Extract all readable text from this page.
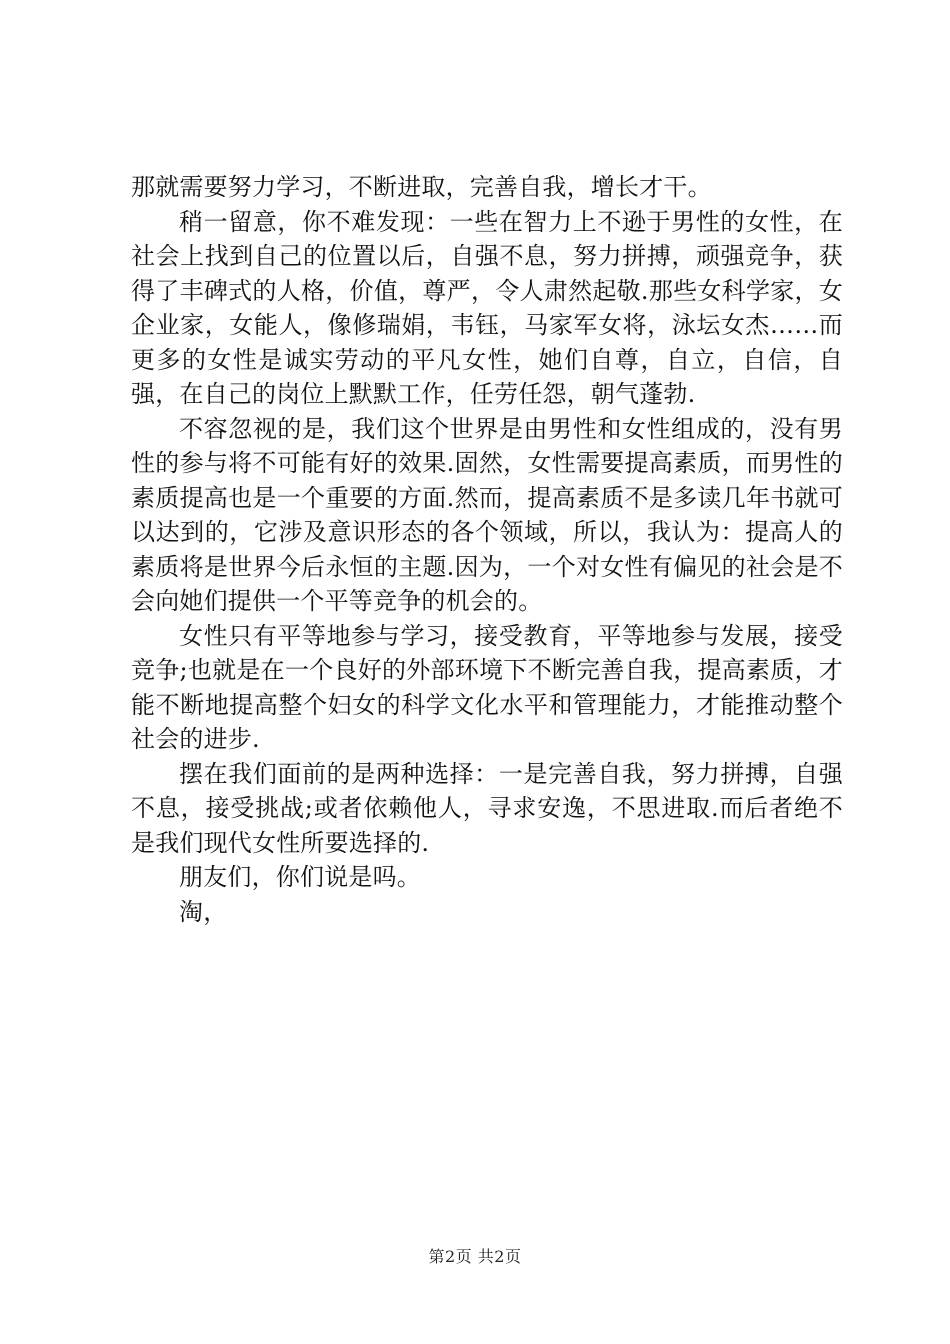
那就需要努力学习，不断进取，完善自我，增长才干。

稍一留意，你不难发现：一些在智力上不逊于男性的女性，在社会上找到自己的位置以后，自强不息，努力拼搏，顽强竞争，获得了丰碑式的人格，价值，尊严，令人肃然起敬.那些女科学家，女企业家，女能人，像修瑞娟，韦钰，马家军女将，泳坛女杰……而更多的女性是诚实劳动的平凡女性，她们自尊，自立，自信，自强，在自己的岗位上默默工作，任劳任怨，朝气蓬勃.

不容忽视的是，我们这个世界是由男性和女性组成的，没有男性的参与将不可能有好的效果.固然，女性需要提高素质，而男性的素质提高也是一个重要的方面.然而，提高素质不是多读几年书就可以达到的，它涉及意识形态的各个领域，所以，我认为：提高人的素质将是世界今后永恒的主题.因为，一个对女性有偏见的社会是不会向她们提供一个平等竞争的机会的。

女性只有平等地参与学习，接受教育，平等地参与发展，接受竞争;也就是在一个良好的外部环境下不断完善自我，提高素质，才能不断地提高整个妇女的科学文化水平和管理能力，才能推动整个社会的进步.

摆在我们面前的是两种选择：一是完善自我，努力拼搏，自强不息，接受挑战;或者依赖他人，寻求安逸，不思进取.而后者绝不是我们现代女性所要选择的.

朋友们，你们说是吗。

淘，

第2页 共2页
